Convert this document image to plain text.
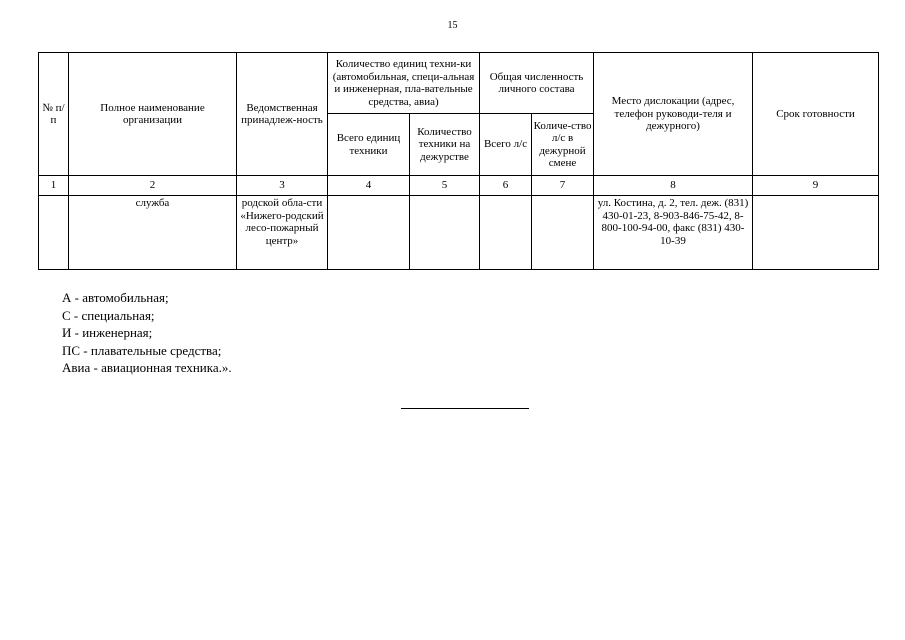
15
№ п/п	Полное наименование организации	Ведомственная принадлеж-ность	Количество единиц техни-ки (автомобильная, специ-альная и инженерная, пла-вательные средства, авиа)		Общая численность личного состава		Место дислокации (адрес, телефон руководи-теля и дежурного)	Срок готовности
			Всего единиц техники	Количество техники на дежурстве	Всего л/с	Количе-ство л/с в дежурной смене		
1	2	3	4	5	6	7	8	9
	служба	родской обла-сти «Нижего-родский лесо-пожарный центр»					ул. Костина, д. 2, тел. деж. (831) 430-01-23, 8-903-846-75-42, 8-800-100-94-00, факс (831) 430-10-39	
А - автомобильная;
С - специальная;
И - инженерная;
ПС - плавательные средства;
Авиа - авиационная техника.».
